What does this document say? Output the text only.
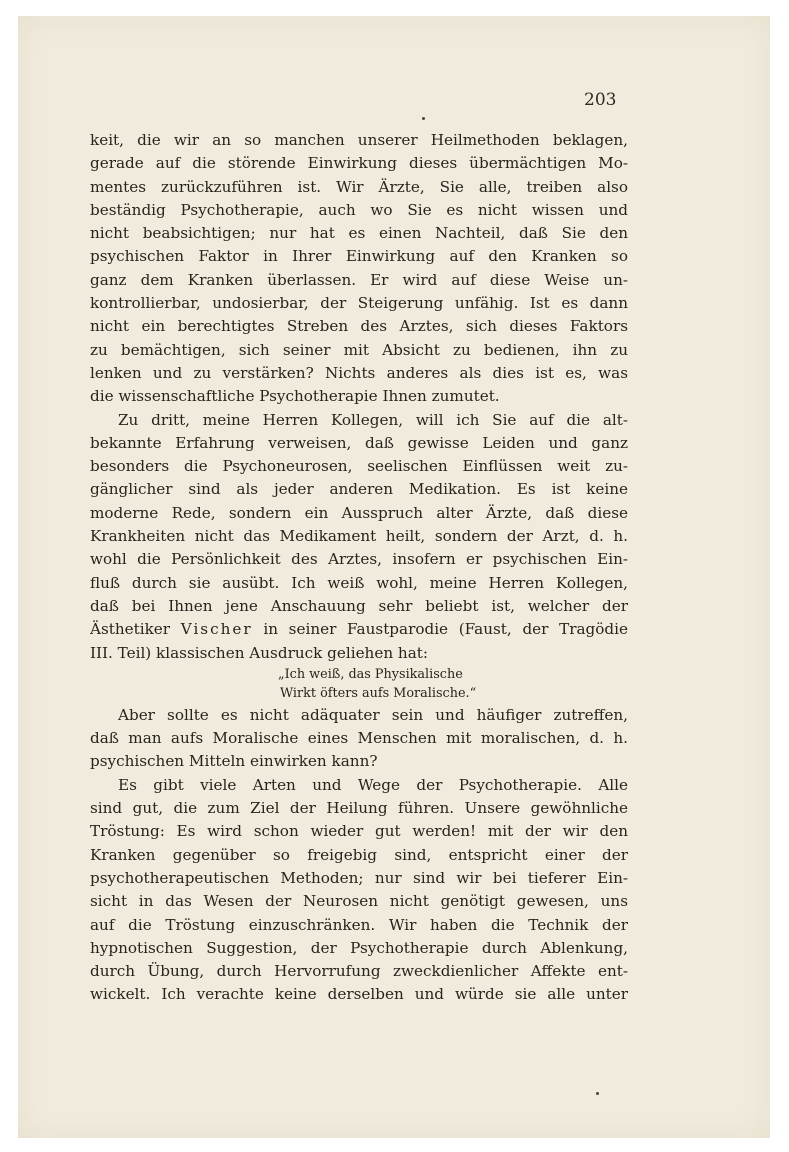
203
keit, die wir an so manchen unserer Heilmethoden beklagen,
gerade auf die störende Einwirkung dieses übermächtigen Mo-
mentes zurückzuführen ist. Wir Ärzte, Sie alle, treiben also
beständig Psychotherapie, auch wo Sie es nicht wissen und
nicht beabsichtigen; nur hat es einen Nachteil, daß Sie den
psychischen Faktor in Ihrer Einwirkung auf den Kranken so
ganz dem Kranken überlassen. Er wird auf diese Weise un-
kontrollierbar, undosierbar, der Steigerung unfähig. Ist es dann
nicht ein berechtigtes Streben des Arztes, sich dieses Faktors
zu bemächtigen, sich seiner mit Absicht zu bedienen, ihn zu
lenken und zu verstärken? Nichts anderes als dies ist es, was
die wissenschaftliche Psychotherapie Ihnen zumutet.
Zu dritt, meine Herren Kollegen, will ich Sie auf die alt-
bekannte Erfahrung verweisen, daß gewisse Leiden und ganz
besonders die Psychoneurosen, seelischen Einflüssen weit zu-
gänglicher sind als jeder anderen Medikation. Es ist keine
moderne Rede, sondern ein Ausspruch alter Ärzte, daß diese
Krankheiten nicht das Medikament heilt, sondern der Arzt, d. h.
wohl die Persönlichkeit des Arztes, insofern er psychischen Ein-
fluß durch sie ausübt. Ich weiß wohl, meine Herren Kollegen,
daß bei Ihnen jene Anschauung sehr beliebt ist, welcher der
Ästhetiker Vischer in seiner Faustparodie (Faust, der Tragödie
III. Teil) klassischen Ausdruck geliehen hat:
„Ich weiß, das Physikalische
Wirkt öfters aufs Moralische.“
Aber sollte es nicht adäquater sein und häufiger zutreffen,
daß man aufs Moralische eines Menschen mit moralischen, d. h.
psychischen Mitteln einwirken kann?
Es gibt viele Arten und Wege der Psychotherapie. Alle
sind gut, die zum Ziel der Heilung führen. Unsere gewöhnliche
Tröstung: Es wird schon wieder gut werden! mit der wir den
Kranken gegenüber so freigebig sind, entspricht einer der
psychotherapeutischen Methoden; nur sind wir bei tieferer Ein-
sicht in das Wesen der Neurosen nicht genötigt gewesen, uns
auf die Tröstung einzuschränken. Wir haben die Technik der
hypnotischen Suggestion, der Psychotherapie durch Ablenkung,
durch Übung, durch Hervorrufung zweckdienlicher Affekte ent-
wickelt. Ich verachte keine derselben und würde sie alle unter
